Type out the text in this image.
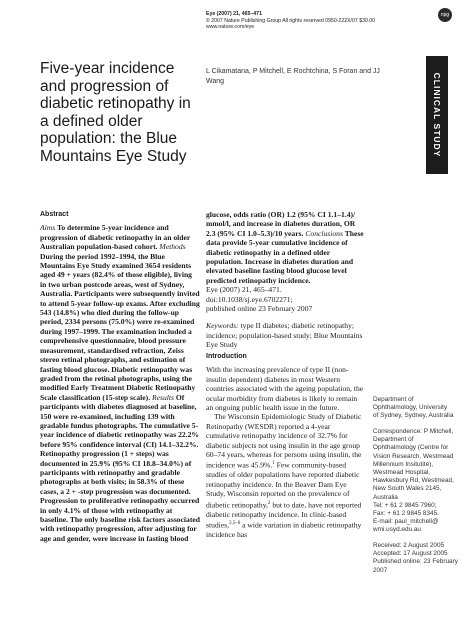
Eye (2007) 21, 465–471
© 2007 Nature Publishing Group All rights reserved 0950-222X/07 $30.00
www.nature.com/eye
npg
Five-year incidence and progression of diabetic retinopathy in a defined older population: the Blue Mountains Eye Study
L Cikamatana, P Mitchell, E Rochtchina, S Foran and JJ Wang	CLINICAL STUDY
Abstract
Aims To determine 5-year incidence and progression of diabetic retinopathy in an older Australian population-based cohort. Methods During the period 1992–1994, the Blue Mountains Eye Study examined 3654 residents aged 49 + years (82.4% of those eligible), living in two urban postcode areas, west of Sydney, Australia. Participants were subsequently invited to attend 5-year follow-up exams. After excluding 543 (14.8%) who died during the follow-up period, 2334 persons (75.0%) were re-examined during 1997–1999. The examination included a comprehensive questionnaire, blood pressure measurement, standardised refraction, Zeiss stereo retinal photographs, and estimation of fasting blood glucose. Diabetic retinopathy was graded from the retinal photographs, using the modified Early Treatment Diabetic Retinopathy Scale classification (15-step scale). Results Of participants with diabetes diagnosed at baseline, 150 were re-examined, including 139 with gradable fundus photographs. The cumulative 5-year incidence of diabetic retinopathy was 22.2% before 95% confidence interval (CI) 14.1–32.2%. Retinopathy progression (1 + steps) was documented in 25.9% (95% CI 18.8–34.0%) of participants with retinopathy and gradable photographs at both visits; in 58.3% of these cases, a 2 + -step progression was documented. Progression to proliferative retinopathy occurred in only 4.1% of those with retinopathy at baseline. The only baseline risk factors associated with retinopathy progression, after adjusting for age and gender, were increase in fasting blood
glucose, odds ratio (OR) 1.2 (95% CI 1.1–1.4)/ mmol/l, and increase in diabetes duration, OR 2.3 (95% CI 1.0–5.3)/10 years. Conclusions These data provide 5-year cumulative incidence of diabetic retinopathy in a defined older population. Increase in diabetes duration and elevated baseline fasting blood glucose level predicted retinopathy incidence.
Eye (2007) 21, 465–471. doi:10.1038/sj.eye.6702271;
published online 23 February 2007
Keywords: type II diabetes; diabetic retinopathy; incidence; population-based study; Blue Mountains Eye Study
Introduction

With the increasing prevalence of type II (non-insulin dependent) diabetes in most Western countries associated with the ageing population, the ocular morbidity from diabetes is likely to remain an ongoing public health issue in the future.

The Wisconsin Epidemiologic Study of Diabetic Retinopathy (WESDR) reported a 4-year cumulative retinopathy incidence of 32.7% for diabetic subjects not using insulin in the age group 60–74 years, whereas for persons using insulin, the incidence was 45.9%.$^1$ Few community-based studies of older populations have reported diabetic retinopathy incidence. In the Beaver Dam Eye Study, Wisconsin reported on the prevalence of diabetic retinopathy,$^2$ but to date, have not reported diabetic retinopathy incidence. In clinic-based studies,$^{3,5-6}$ a wide variation in diabetic retinopathy incidence has

Department of
Ophthalmology, University
of Sydney, Sydney, Australia
Correspondence: P Mitchell,
Department of
Ophthalmology (Centre for
Vision Research, Westmead
Millennium Insitutite),
Westmead Hospital,
Hawkesbury Rd, Westmead,
New South Wales 2145,
Australia
Tel: + 61 2 9845 7960;
Fax: + 61 2 9845 8345.
E-mail: paul_mitchell@
wmi.usyd.edu.au
Received: 2 August 2005
Accepted: 17 August 2005
Published online: 23 February
2007
